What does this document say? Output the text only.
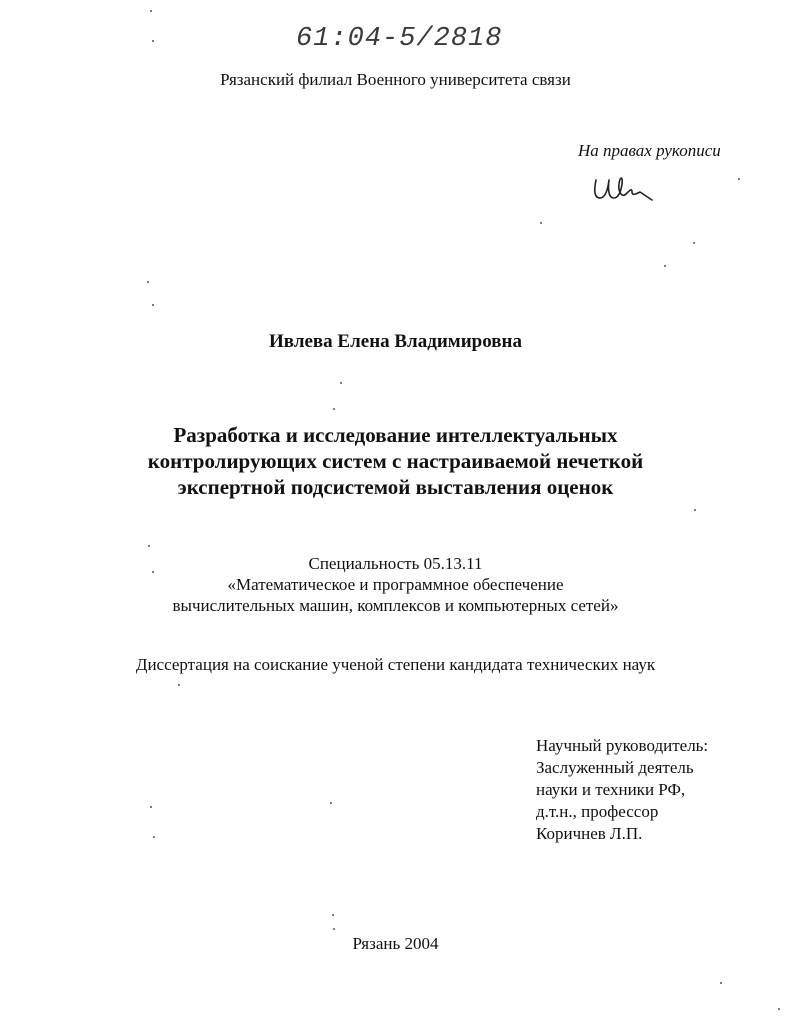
61:04-5/2818
Рязанский филиал Военного университета связи
На правах рукописи
Ивлева Елена Владимировна
Разработка и исследование интеллектуальных
контролирующих систем с настраиваемой нечеткой
экспертной подсистемой выставления оценок
Специальность 05.13.11
«Математическое и программное обеспечение
вычислительных машин, комплексов и компьютерных сетей»
Диссертация на соискание ученой степени кандидата технических наук
Научный руководитель:
Заслуженный деятель
науки и техники РФ,
д.т.н., профессор
Коричнев Л.П.
Рязань 2004
